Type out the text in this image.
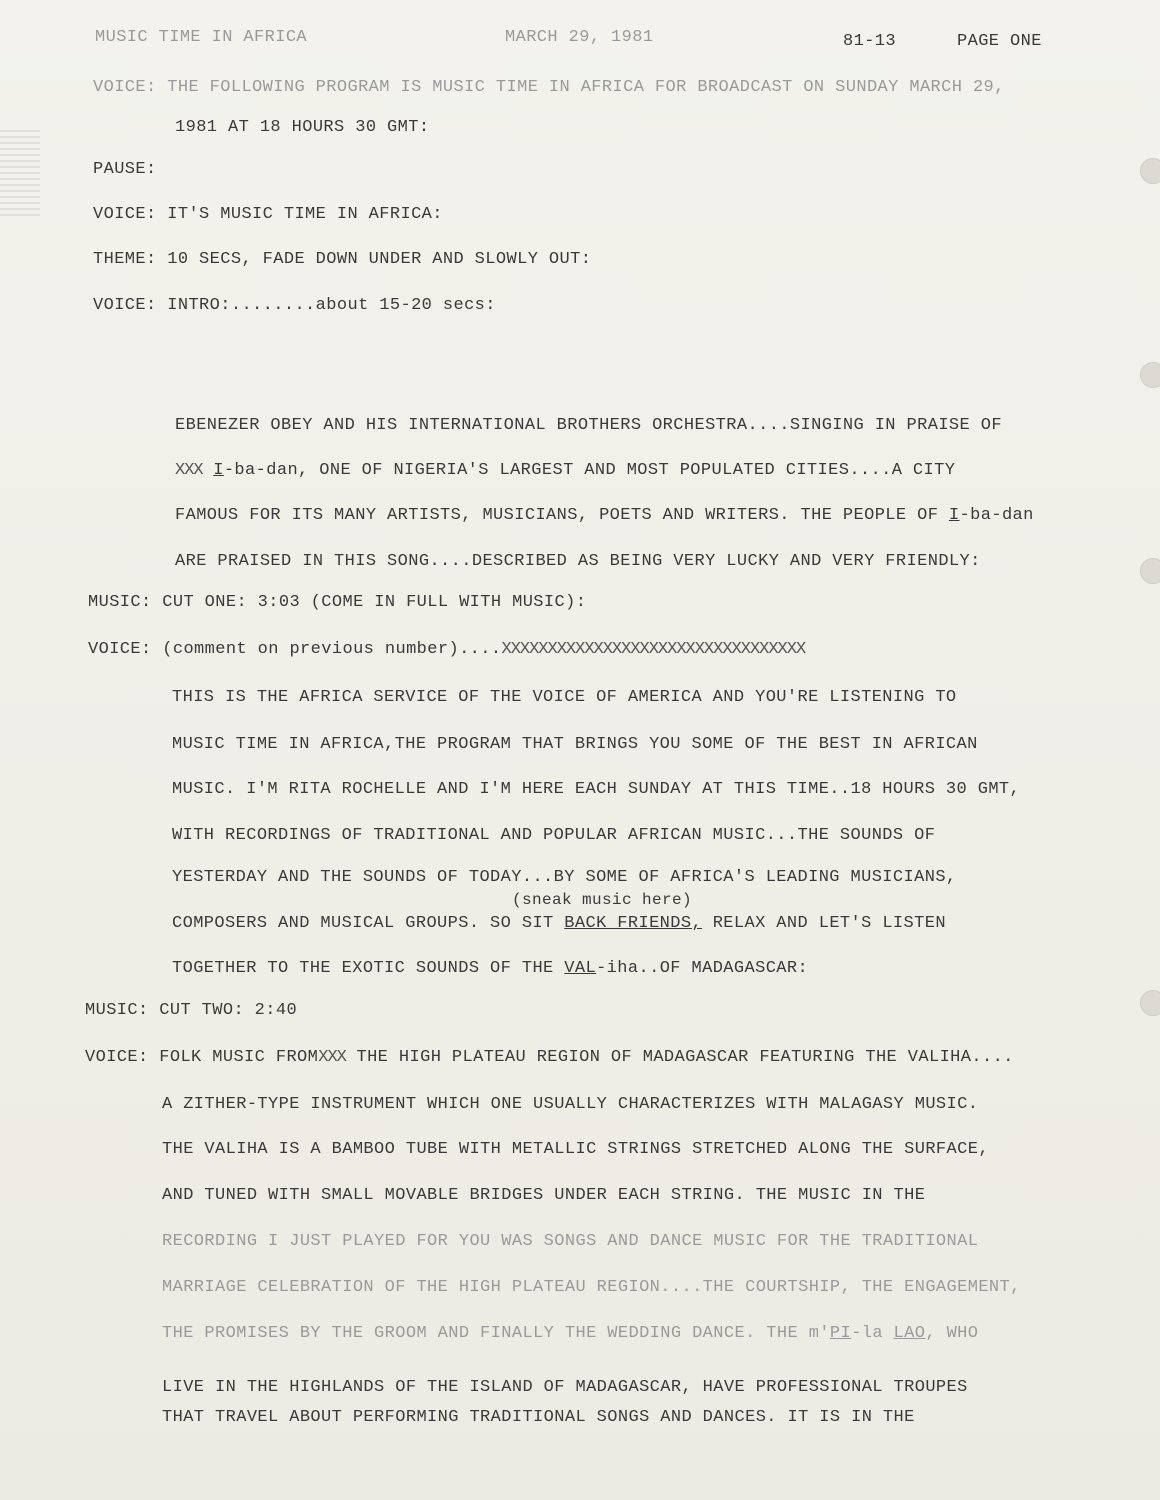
MUSIC TIME IN AFRICA	MARCH 29, 1981	81-13	PAGE ONE
VOICE: THE FOLLOWING PROGRAM IS MUSIC TIME IN AFRICA FOR BROADCAST ON SUNDAY MARCH 29,
1981 AT 18 HOURS 30 GMT:
PAUSE:
VOICE: IT'S MUSIC TIME IN AFRICA:
THEME: 10 SECS, FADE DOWN UNDER AND SLOWLY OUT:
VOICE: INTRO:........about 15-20 secs:
EBENEZER OBEY AND HIS INTERNATIONAL BROTHERS ORCHESTRA....SINGING IN PRAISE OF
XXX I-ba-dan, ONE OF NIGERIA'S LARGEST AND MOST POPULATED CITIES....A CITY
FAMOUS FOR ITS MANY ARTISTS, MUSICIANS, POETS AND WRITERS. THE PEOPLE OF I-ba-dan
ARE PRAISED IN THIS SONG....DESCRIBED AS BEING VERY LUCKY AND VERY FRIENDLY:
MUSIC: CUT ONE: 3:03 (COME IN FULL WITH MUSIC):
VOICE: (comment on previous number)....XXXXXXXXXXXXXXXXXXXXXXXXXXXXXXXXX
THIS IS THE AFRICA SERVICE OF THE VOICE OF AMERICA AND YOU'RE LISTENING TO
MUSIC TIME IN AFRICA,THE PROGRAM THAT BRINGS YOU SOME OF THE BEST IN AFRICAN
MUSIC. I'M RITA ROCHELLE AND I'M HERE EACH SUNDAY AT THIS TIME..18 HOURS 30 GMT,
WITH RECORDINGS OF TRADITIONAL AND POPULAR AFRICAN MUSIC...THE SOUNDS OF
YESTERDAY AND THE SOUNDS OF TODAY...BY SOME OF AFRICA'S LEADING MUSICIANS,
(sneak music here)
COMPOSERS AND MUSICAL GROUPS. SO SIT BACK FRIENDS, RELAX AND LET'S LISTEN
TOGETHER TO THE EXOTIC SOUNDS OF THE VAL-iha..OF MADAGASCAR:
MUSIC: CUT TWO: 2:40
VOICE: FOLK MUSIC FROMXXX THE HIGH PLATEAU REGION OF MADAGASCAR FEATURING THE VALIHA....
A ZITHER-TYPE INSTRUMENT WHICH ONE USUALLY CHARACTERIZES WITH MALAGASY MUSIC.
THE VALIHA IS A BAMBOO TUBE WITH METALLIC STRINGS STRETCHED ALONG THE SURFACE,
AND TUNED WITH SMALL MOVABLE BRIDGES UNDER EACH STRING. THE MUSIC IN THE
RECORDING I JUST PLAYED FOR YOU WAS SONGS AND DANCE MUSIC FOR THE TRADITIONAL
MARRIAGE CELEBRATION OF THE HIGH PLATEAU REGION....THE COURTSHIP, THE ENGAGEMENT,
THE PROMISES BY THE GROOM AND FINALLY THE WEDDING DANCE. THE m'PI-la LAO, WHO
LIVE IN THE HIGHLANDS OF THE ISLAND OF MADAGASCAR, HAVE PROFESSIONAL TROUPES
THAT TRAVEL ABOUT PERFORMING TRADITIONAL SONGS AND DANCES. IT IS IN THE
